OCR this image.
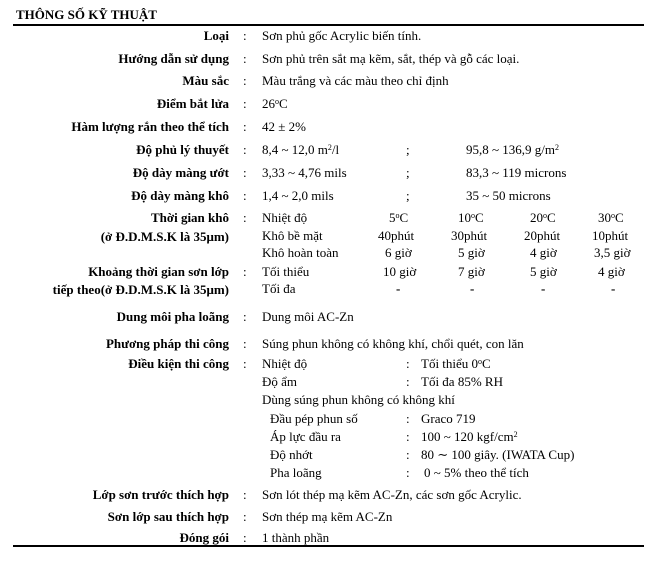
THÔNG SỐ KỸ THUẬT
Loại : Sơn phủ gốc Acrylic biến tính.
Hướng dẫn sử dụng : Sơn phủ trên sắt mạ kẽm, sắt, thép và gỗ các loại.
Màu sắc : Màu trắng và các màu theo chỉ định
Điểm bắt lửa : 26$^o$C
Hàm lượng rắn theo thể tích : 42 ± 2%
Độ phủ lý thuyết : 8,4 ~ 12,0 $m^2/l$	;	95,8 ~ 136,9 $g/m^2$
Độ dày màng ướt : 3,33 ~ 4,76 mils	;	83,3 ~ 119 microns
Độ dày màng khô : 1,4 ~ 2,0 mils	;	35 ~ 50 microns
Thời gian khô
(ở Đ.D.M.S.K là 35μm)
: Nhiệt độ	5$^o$C	10$^o$C	20$^o$C	30$^o$C
Khô bề mặt	40phút	30phút	20phút 10phút
Khô hoàn toàn	6 giờ	5 giờ	4 giờ	3,5 giờ
Khoảng thời gian sơn lớp
tiếp theo(ở Đ.D.M.S.K là 35μm)
: Tối thiểu	10 giờ	7 giờ	5 giờ	4 giờ
Tối đa	-	-	-	-
Dung môi pha loãng : Dung môi AC-Zn
Phương pháp thi công : Súng phun không có không khí, chổi quét, con lăn
Điều kiện thi công : Nhiệt độ	: Tối thiểu 0$^o$C
Độ ẩm	: Tối đa 85% RH
Dùng súng phun không có không khí
Đầu pép phun số	: Graco 719
Áp lực đầu ra	: 100 ~ 120 kgf/$cm^2$
Độ nhớt	: 80 ∼ 100 giây. (IWATA Cup)
Pha loãng	: 0 ~ 5% theo thể tích
Lớp sơn trước thích hợp : Sơn lót thép mạ kẽm AC-Zn, các sơn gốc Acrylic.
Sơn lớp sau thích hợp : Sơn thép mạ kẽm AC-Zn
Đóng gói : 1 thành phần
